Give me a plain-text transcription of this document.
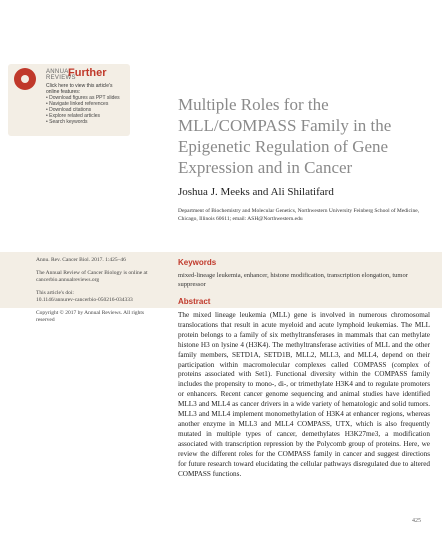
ANNUAL
REVIEWS
Further
Click here to view this article's online features:
• Download figures as PPT slides
• Navigate linked references
• Download citations
• Explore related articles
• Search keywords
Multiple Roles for the MLL/COMPASS Family in the Epigenetic Regulation of Gene Expression and in Cancer
Joshua J. Meeks and Ali Shilatifard
Department of Biochemistry and Molecular Genetics, Northwestern University Feinberg School of Medicine, Chicago, Illinois 60611; email: ASH@Northwestern.edu

Annu. Rev. Cancer Biol. 2017. 1:425–46

The Annual Review of Cancer Biology is online at cancerbio.annualreviews.org

This article's doi:
10.1146/annurev-cancerbio-050216-034333

Copyright © 2017 by Annual Reviews. All rights reserved

Keywords
mixed-lineage leukemia, enhancer, histone modification, transcription elongation, tumor suppressor
Abstract
The mixed lineage leukemia (MLL) gene is involved in numerous chromosomal translocations that result in acute myeloid and acute lymphoid leukemias. The MLL protein belongs to a family of six methyltransferases in mammals that can methylate histone H3 on lysine 4 (H3K4). The methyltransferase activities of MLL and the other family members, SETD1A, SETD1B, MLL2, MLL3, and MLL4, depend on their participation within macromolecular complexes called COMPASS (complex of proteins associated with Set1). Functional diversity within the COMPASS family includes the propensity to mono-, di-, or trimethylate H3K4 and to regulate promoters or enhancers. Recent cancer genome sequencing and animal studies have identified MLL3 and MLL4 as cancer drivers in a wide variety of hematologic and solid tumors. MLL3 and MLL4 implement monomethylation of H3K4 at enhancer regions, whereas another enzyme in MLL3 and MLL4 COMPASS, UTX, which is also frequently mutated in multiple types of cancer, demethylates H3K27me3, a modification associated with transcription repression by the Polycomb group of proteins. Here, we review the different roles for the COMPASS family in cancer and suggest directions for future research toward elucidating the cellular pathways disregulated due to altered COMPASS functions.
425
